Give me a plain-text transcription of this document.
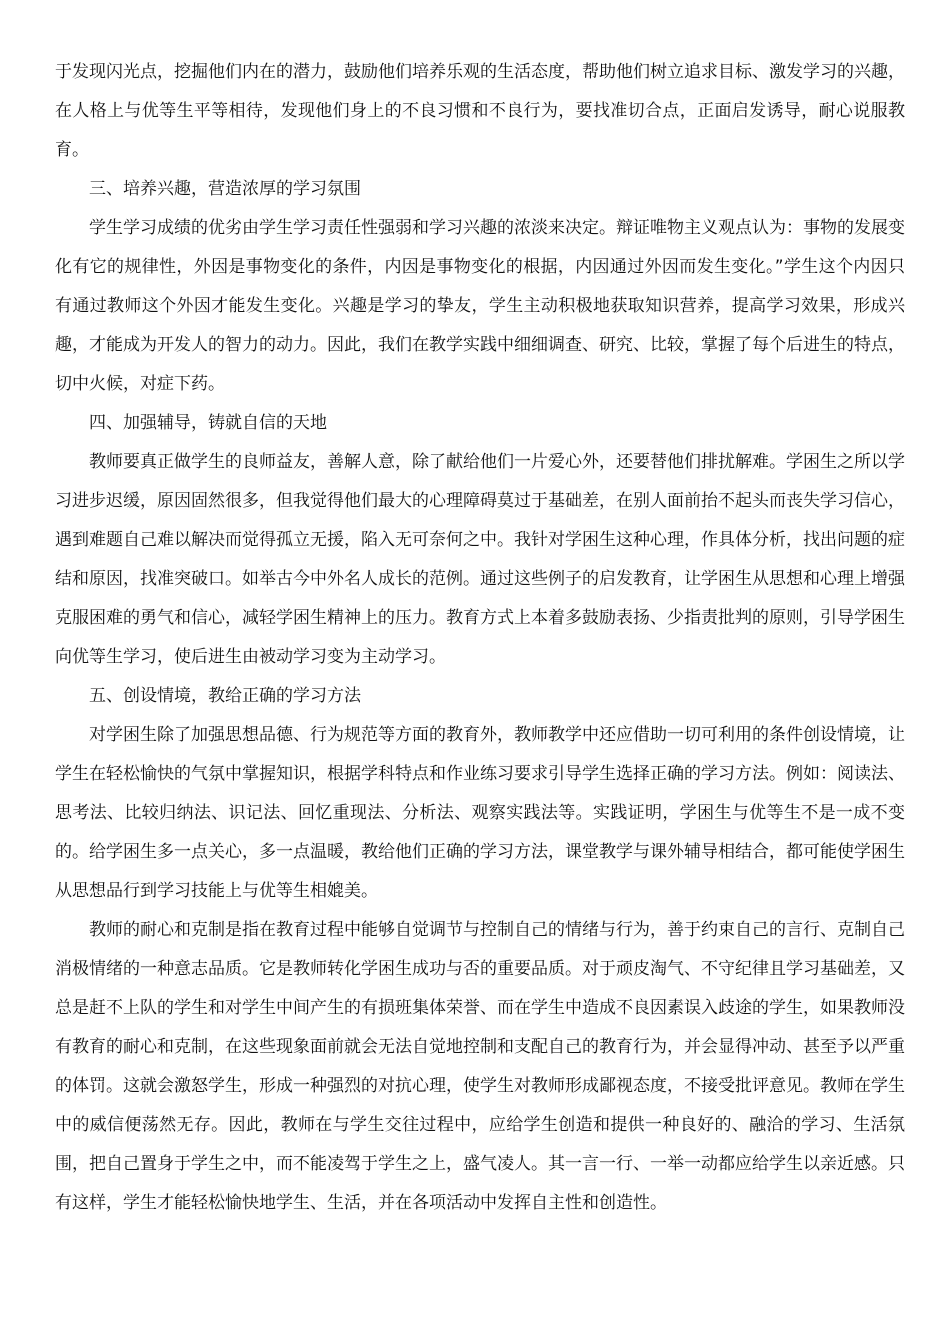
于发现闪光点，挖掘他们内在的潜力，鼓励他们培养乐观的生活态度，帮助他们树立追求目标、激发学习的兴趣，在人格上与优等生平等相待，发现他们身上的不良习惯和不良行为，要找准切合点，正面启发诱导，耐心说服教育。

三、培养兴趣，营造浓厚的学习氛围

学生学习成绩的优劣由学生学习责任性强弱和学习兴趣的浓淡来决定。辩证唯物主义观点认为：事物的发展变化有它的规律性，外因是事物变化的条件，内因是事物变化的根据，内因通过外因而发生变化。”学生这个内因只有通过教师这个外因才能发生变化。兴趣是学习的挚友，学生主动积极地获取知识营养，提高学习效果，形成兴趣，才能成为开发人的智力的动力。因此，我们在教学实践中细细调查、研究、比较，掌握了每个后进生的特点，切中火候，对症下药。

四、加强辅导，铸就自信的天地

教师要真正做学生的良师益友，善解人意，除了献给他们一片爱心外，还要替他们排扰解难。学困生之所以学习进步迟缓，原因固然很多，但我觉得他们最大的心理障碍莫过于基础差，在别人面前抬不起头而丧失学习信心，遇到难题自己难以解决而觉得孤立无援，陷入无可奈何之中。我针对学困生这种心理，作具体分析，找出问题的症结和原因，找准突破口。如举古今中外名人成长的范例。通过这些例子的启发教育，让学困生从思想和心理上增强克服困难的勇气和信心，减轻学困生精神上的压力。教育方式上本着多鼓励表扬、少指责批判的原则，引导学困生向优等生学习，使后进生由被动学习变为主动学习。

五、创设情境，教给正确的学习方法

对学困生除了加强思想品德、行为规范等方面的教育外，教师教学中还应借助一切可利用的条件创设情境，让学生在轻松愉快的气氛中掌握知识，根据学科特点和作业练习要求引导学生选择正确的学习方法。例如：阅读法、思考法、比较归纳法、识记法、回忆重现法、分析法、观察实践法等。实践证明，学困生与优等生不是一成不变的。给学困生多一点关心，多一点温暖，教给他们正确的学习方法，课堂教学与课外辅导相结合，都可能使学困生从思想品行到学习技能上与优等生相媲美。

教师的耐心和克制是指在教育过程中能够自觉调节与控制自己的情绪与行为，善于约束自己的言行、克制自己消极情绪的一种意志品质。它是教师转化学困生成功与否的重要品质。对于顽皮淘气、不守纪律且学习基础差，又总是赶不上队的学生和对学生中间产生的有损班集体荣誉、而在学生中造成不良因素误入歧途的学生，如果教师没有教育的耐心和克制，在这些现象面前就会无法自觉地控制和支配自己的教育行为，并会显得冲动、甚至予以严重的体罚。这就会激怒学生，形成一种强烈的对抗心理，使学生对教师形成鄙视态度，不接受批评意见。教师在学生中的威信便荡然无存。因此，教师在与学生交往过程中，应给学生创造和提供一种良好的、融洽的学习、生活氛围，把自己置身于学生之中，而不能凌驾于学生之上，盛气凌人。其一言一行、一举一动都应给学生以亲近感。只有这样，学生才能轻松愉快地学生、生活，并在各项活动中发挥自主性和创造性。
